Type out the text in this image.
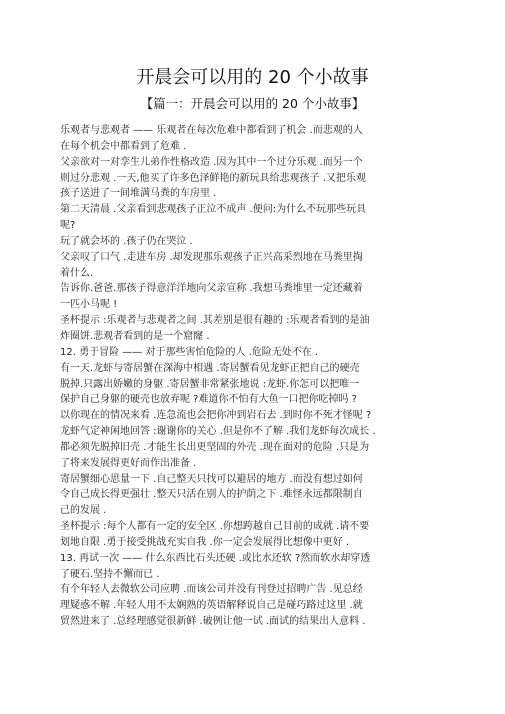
开晨会可以用的 20 个小故事
【篇一：开晨会可以用的 20 个小故事】
乐观者与悲观者 —— 乐观者在每次危难中都看到了机会 .而悲观的人
在每个机会中都看到了危难 .
父亲欲对一对孪生儿弟作性格改造 .因为其中一个过分乐观 .而另一个
则过分悲观 .一天,他买了许多色泽鲜艳的新玩具给悲观孩子 .又把乐观
孩子送进了一间堆满马粪的车房里 .
第二天清晨 .父亲看到悲观孩子正泣不成声 .便问:为什么不玩那些玩具
呢?
玩了就会坏的 .孩子仍在哭泣 .
父亲叹了口气 .走进车房 .却发现那乐观孩子正兴高采烈地在马粪里掏
着什么.
告诉你.爸爸.那孩子得意洋洋地向父亲宣称 .我想马粪堆里一定还藏着
一匹小马呢 !
圣杯提示 :乐观者与悲观者之间 .其差别是很有趣的 :乐观者看到的是油
炸圈饼.悲观者看到的是一个窟窿 .
12. 勇于冒险 —— 对于那些害怕危险的人 .危险无处不在 .
有一天.龙虾与寄居蟹在深海中相遇 .寄居蟹看见龙虾正把自己的硬壳
脱掉.只露出娇嫩的身躯 .寄居蟹非常紧张地说 :龙虾.你怎可以把唯一
保护自己身躯的硬壳也放弃呢 ?难道你不怕有大鱼一口把你吃掉吗 ?
以你现在的情况来看 .连急流也会把你冲到岩石去 .到时你不死才怪呢 ?
龙虾气定神闲地回答 :谢谢你的关心 .但是你不了解 .我们龙虾每次成长 .
都必须先脱掉旧壳 .才能生长出更坚固的外壳 .现在面对的危险 .只是为
了将来发展得更好而作出准备 .
寄居蟹细心思量一下 .自己整天只找可以避居的地方 .而没有想过如何
令自己成长得更强壮 .整天只活在别人的护荫之下 .难怪永远都限制自
己的发展 .
圣杯提示 :每个人都有一定的安全区 .你想跨越自己目前的成就 .请不要
划地自限 .勇于接受挑战充实自我 .你一定会发展得比想像中更好 .
13. 再试一次 —— 什么东西比石头还硬 .或比水还软 ?然而软水却穿透
了硬石.坚持不懈而已 .
有个年轻人去微软公司应聘 .而该公司并没有刊登过招聘广告 .见总经
理疑惑不解 .年轻人用不太娴熟的英语解释说自己是碰巧路过这里 .就
贸然进来了 .总经理感觉很新鲜 .破例让他一试 .面试的结果出人意料 .
